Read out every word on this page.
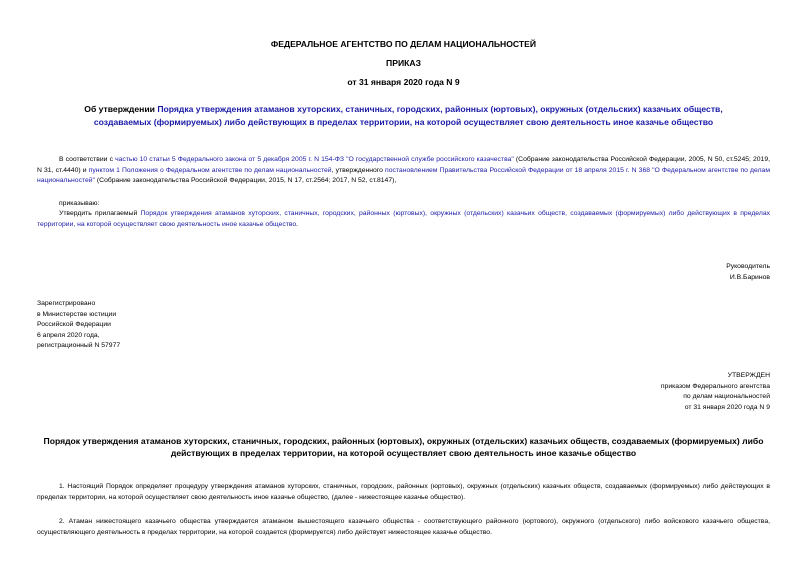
ФЕДЕРАЛЬНОЕ АГЕНТСТВО ПО ДЕЛАМ НАЦИОНАЛЬНОСТЕЙ
ПРИКАЗ
от 31 января 2020 года N 9
Об утверждении Порядка утверждения атаманов хуторских, станичных, городских, районных (юртовых), окружных (отдельских) казачьих обществ, создаваемых (формируемых) либо действующих в пределах территории, на которой осуществляет свою деятельность иное казачье общество
В соответствии с частью 10 статьи 5 Федерального закона от 5 декабря 2005 г. N 154-ФЗ "О государственной службе российского казачества" (Собрание законодательства Российской Федерации, 2005, N 50, ст.5245; 2019, N 31, ст.4440) и пунктом 1 Положения о Федеральном агентстве по делам национальностей, утвержденного постановлением Правительства Российской Федерации от 18 апреля 2015 г. N 368 "О Федеральном агентстве по делам национальностей" (Собрание законодательства Российской Федерации, 2015, N 17, ст.2564; 2017, N 52, ст.8147),
приказываю:
Утвердить прилагаемый Порядок утверждения атаманов хуторских, станичных, городских, районных (юртовых), окружных (отдельских) казачьих обществ, создаваемых (формируемых) либо действующих в пределах территории, на которой осуществляет свою деятельность иное казачье общество.
Руководитель
И.В.Баринов

Зарегистрировано

в Министерстве юстиции

Российской Федерации

6 апреля 2020 года,

регистрационный N 57977

УТВЕРЖДЕН

приказом Федерального агентства

по делам национальностей

от 31 января 2020 года N 9

Порядок утверждения атаманов хуторских, станичных, городских, районных (юртовых), окружных (отдельских) казачьих обществ, создаваемых (формируемых) либо действующих в пределах территории, на которой осуществляет свою деятельность иное казачье общество
1. Настоящий Порядок определяет процедуру утверждения атаманов хуторских, станичных, городских, районных (юртовых), окружных (отдельских) казачьих обществ, создаваемых (формируемых) либо действующих в пределах территории, на которой осуществляет свою деятельность иное казачье общество, (далее - нижестоящее казачье общество).
2. Атаман нижестоящего казачьего общества утверждается атаманом вышестоящего казачьего общества - соответствующего районного (юртового), окружного (отдельского) либо войскового казачьего общества, осуществляющего деятельность в пределах территории, на которой создается (формируется) либо действует нижестоящее казачье общество.
